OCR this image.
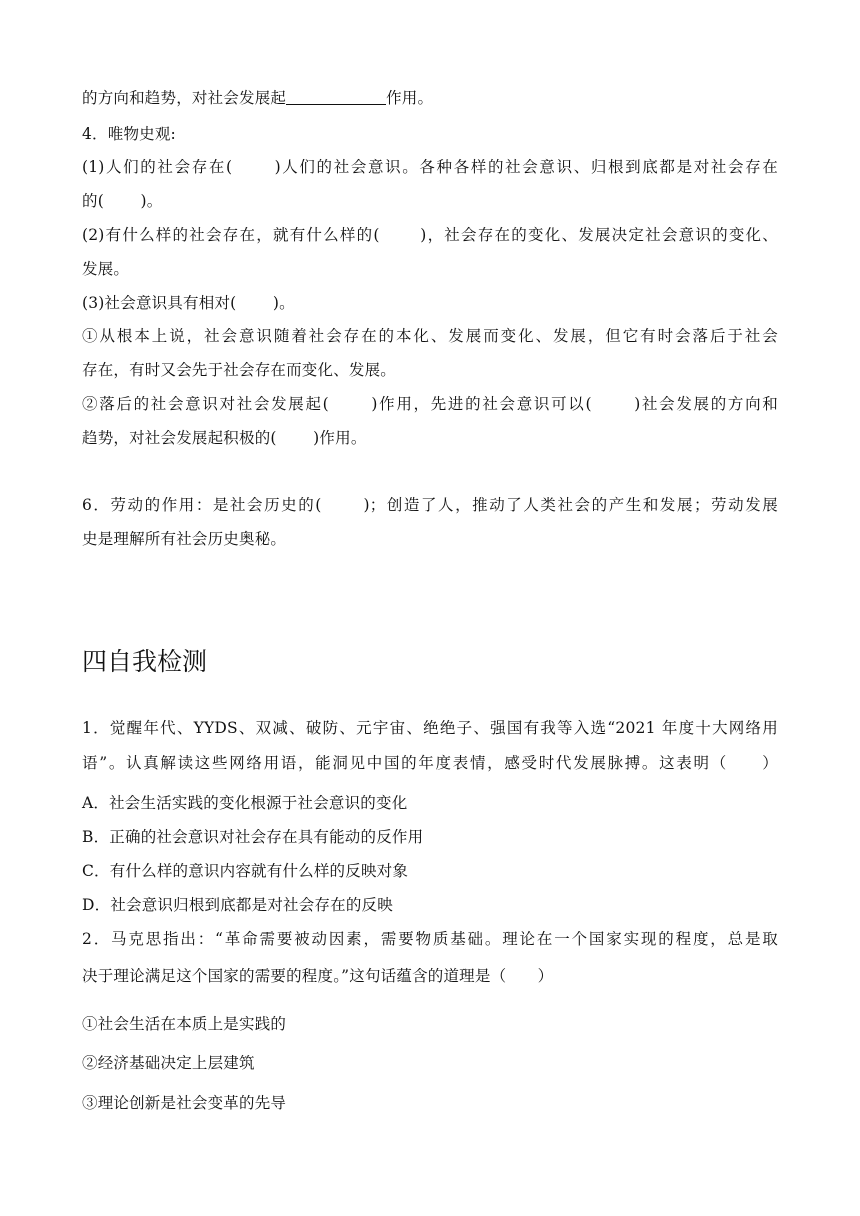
的方向和趋势，对社会发展起	作用。
4．唯物史观:
(1)人们的社会存在(　　 )人们的社会意识。各种各样的社会意识、归根到底都是对社会存在
的(　　 )。
(2)有什么样的社会存在，就有什么样的(　　 )，社会存在的变化、发展决定社会意识的变化、
发展。
(3)社会意识具有相对(　　 )。
①从根本上说，社会意识随着社会存在的本化、发展而变化、发展，但它有时会落后于社会
存在，有时又会先于社会存在而变化、发展。
②落后的社会意识对社会发展起(　　 )作用，先进的社会意识可以(　　 )社会发展的方向和
趋势，对社会发展起积极的(　　 )作用。
6．劳动的作用：是社会历史的(　　 )；创造了人，推动了人类社会的产生和发展；劳动发展
史是理解所有社会历史奥秘。
四自我检测
1．觉醒年代、YYDS、双减、破防、元宇宙、绝绝子、强国有我等入选“2021 年度十大网络用
语”。认真解读这些网络用语，能洞见中国的年度表情，感受时代发展脉搏。这表明（　　）
A．社会生活实践的变化根源于社会意识的变化
B．正确的社会意识对社会存在具有能动的反作用
C．有什么样的意识内容就有什么样的反映对象
D．社会意识归根到底都是对社会存在的反映
2．马克思指出：“革命需要被动因素，需要物质基础。理论在一个国家实现的程度，总是取
决于理论满足这个国家的需要的程度。”这句话蕴含的道理是（　　）
①社会生活在本质上是实践的
②经济基础决定上层建筑
③理论创新是社会变革的先导
